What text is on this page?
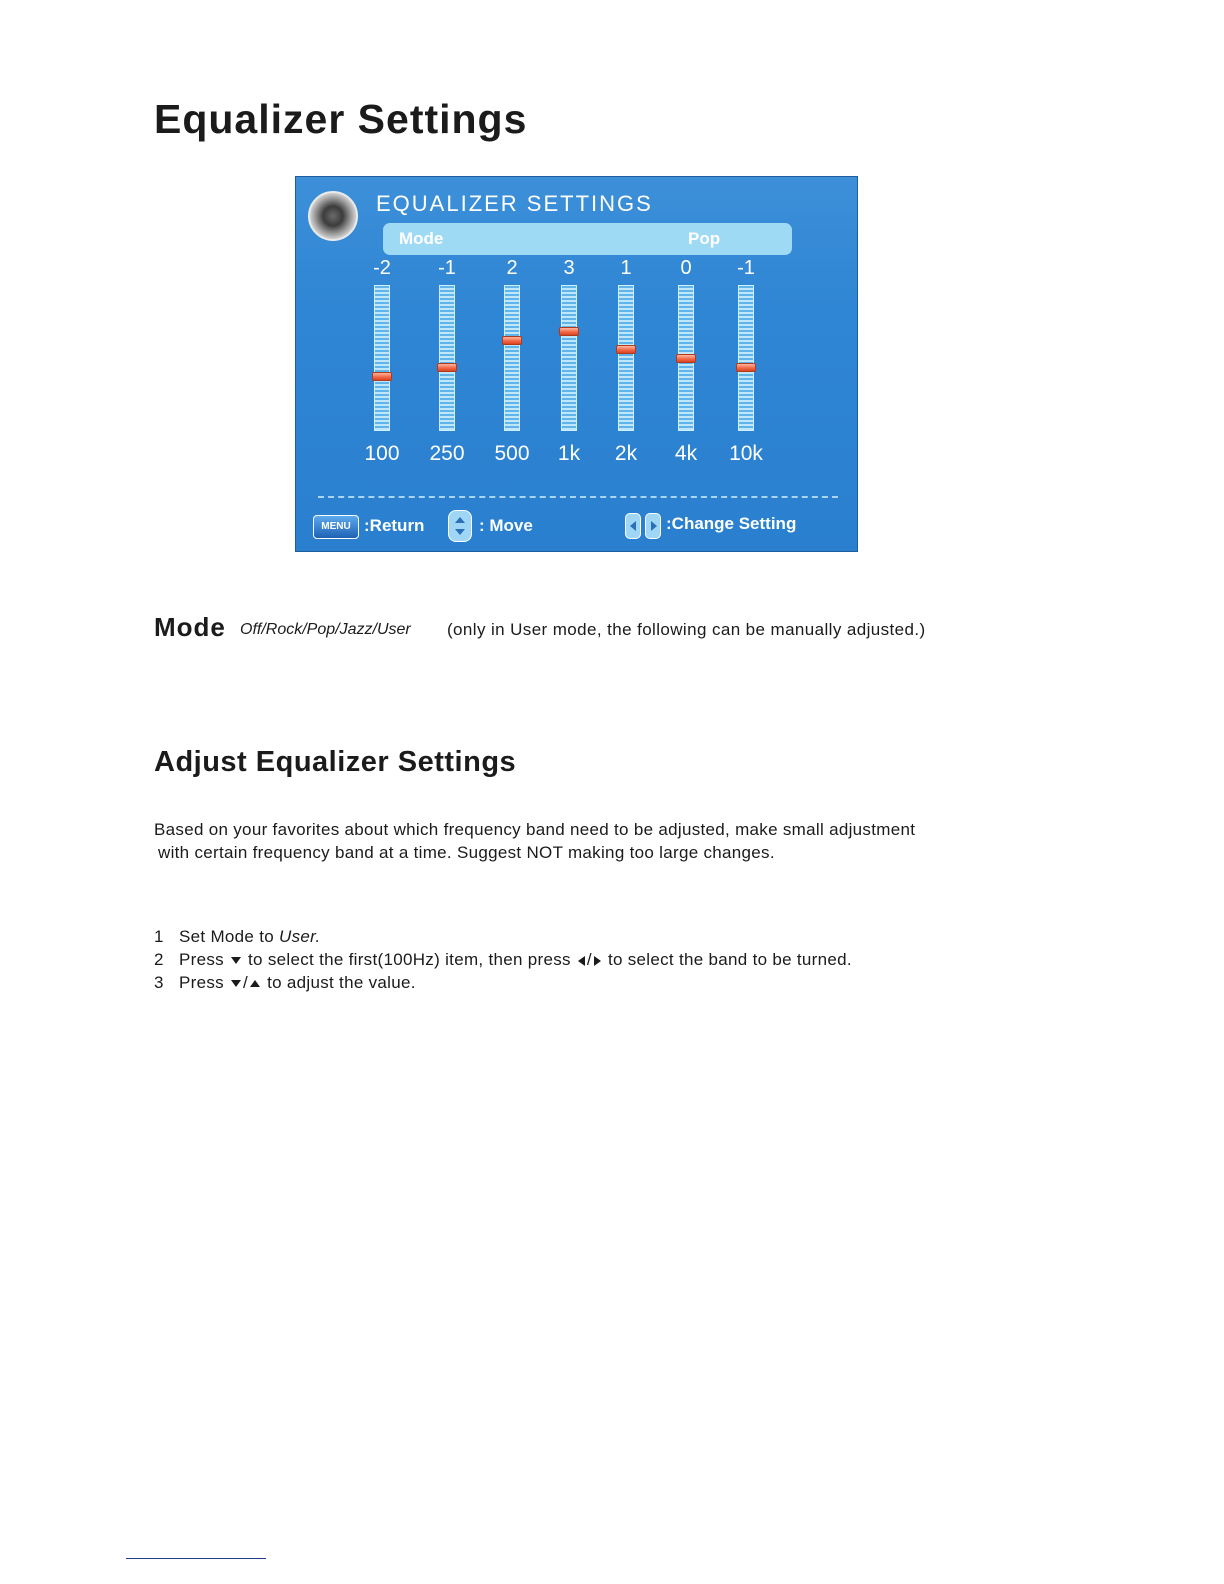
Equalizer Settings
EQUALIZER SETTINGS
Mode	Pop
-2
100
-1
250
2
500
3
1k
1
2k
0
4k
-1
10k
MENU :Return	: Move	:Change Setting
Mode Off/Rock/Pop/Jazz/User (only in User mode, the following can be manually adjusted.)
Adjust Equalizer Settings
Based on your favorites about which frequency band need to be adjusted, make small adjustment
with certain frequency band at a time. Suggest NOT making too large changes.
1 Set Mode to User.
2 Press to select the first(100Hz) item, then press / to select the band to be turned.
3 Press / to adjust the value.
